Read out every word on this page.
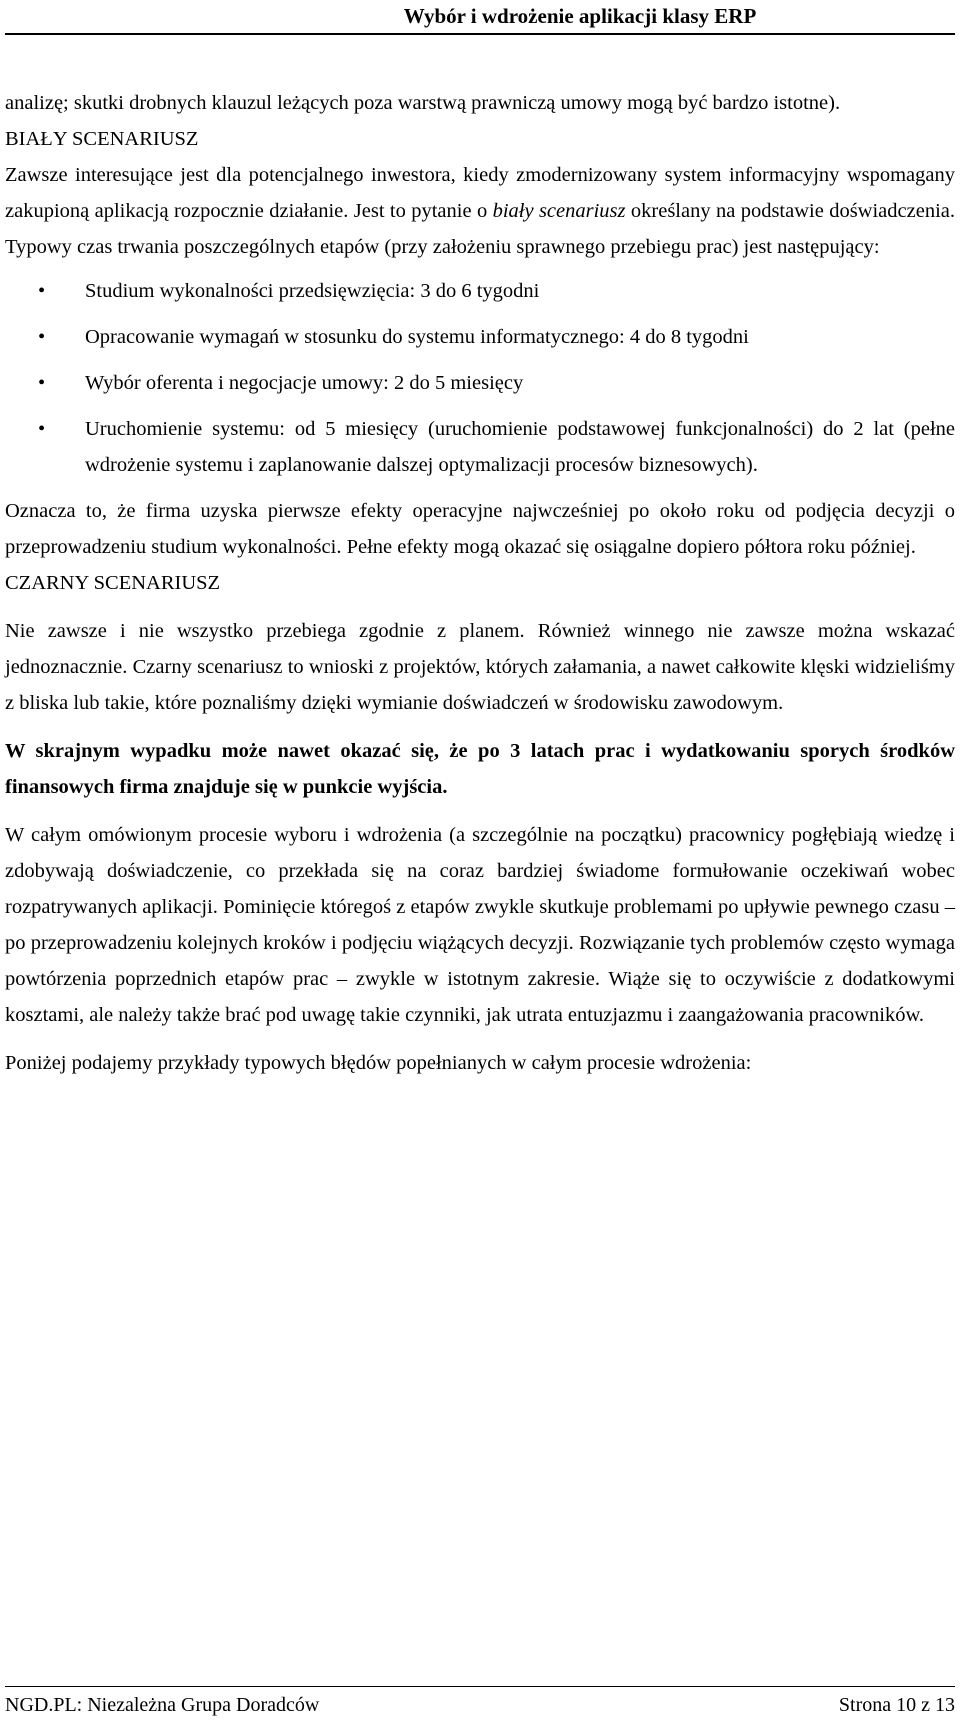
Wybór i wdrożenie aplikacji klasy ERP

analizę; skutki drobnych klauzul leżących poza warstwą prawniczą umowy mogą być bardzo istotne).

BIAŁY SCENARIUSZ

Zawsze interesujące jest dla potencjalnego inwestora, kiedy zmodernizowany system informacyjny wspomagany zakupioną aplikacją rozpocznie działanie. Jest to pytanie o biały scenariusz określany na podstawie doświadczenia. Typowy czas trwania poszczególnych etapów (przy założeniu sprawnego przebiegu prac) jest następujący:

• Studium wykonalności przedsięwzięcia: 3 do 6 tygodni
• Opracowanie wymagań w stosunku do systemu informatycznego: 4 do 8 tygodni
• Wybór oferenta i negocjacje umowy: 2 do 5 miesięcy
• Uruchomienie systemu: od 5 miesięcy (uruchomienie podstawowej funkcjonalności) do 2 lat (pełne wdrożenie systemu i zaplanowanie dalszej optymalizacji procesów biznesowych).

Oznacza to, że firma uzyska pierwsze efekty operacyjne najwcześniej po około roku od podjęcia decyzji o przeprowadzeniu studium wykonalności. Pełne efekty mogą okazać się osiągalne dopiero półtora roku później.

CZARNY SCENARIUSZ

Nie zawsze i nie wszystko przebiega zgodnie z planem. Również winnego nie zawsze można wskazać jednoznacznie. Czarny scenariusz to wnioski z projektów, których załamania, a nawet całkowite klęski widzieliśmy z bliska lub takie, które poznaliśmy dzięki wymianie doświadczeń w środowisku zawodowym.

W skrajnym wypadku może nawet okazać się, że po 3 latach prac i wydatkowaniu sporych środków finansowych firma znajduje się w punkcie wyjścia.

W całym omówionym procesie wyboru i wdrożenia (a szczególnie na początku) pracownicy pogłębiają wiedzę i zdobywają doświadczenie, co przekłada się na coraz bardziej świadome formułowanie oczekiwań wobec rozpatrywanych aplikacji. Pominięcie któregoś z etapów zwykle skutkuje problemami po upływie pewnego czasu – po przeprowadzeniu kolejnych kroków i podjęciu wiążących decyzji. Rozwiązanie tych problemów często wymaga powtórzenia poprzednich etapów prac – zwykle w istotnym zakresie. Wiąże się to oczywiście z dodatkowymi kosztami, ale należy także brać pod uwagę takie czynniki, jak utrata entuzjazmu i zaangażowania pracowników.

Poniżej podajemy przykłady typowych błędów popełnianych w całym procesie wdrożenia:

NGD.PL: Niezależna Grupa Doradców	Strona 10 z 13
